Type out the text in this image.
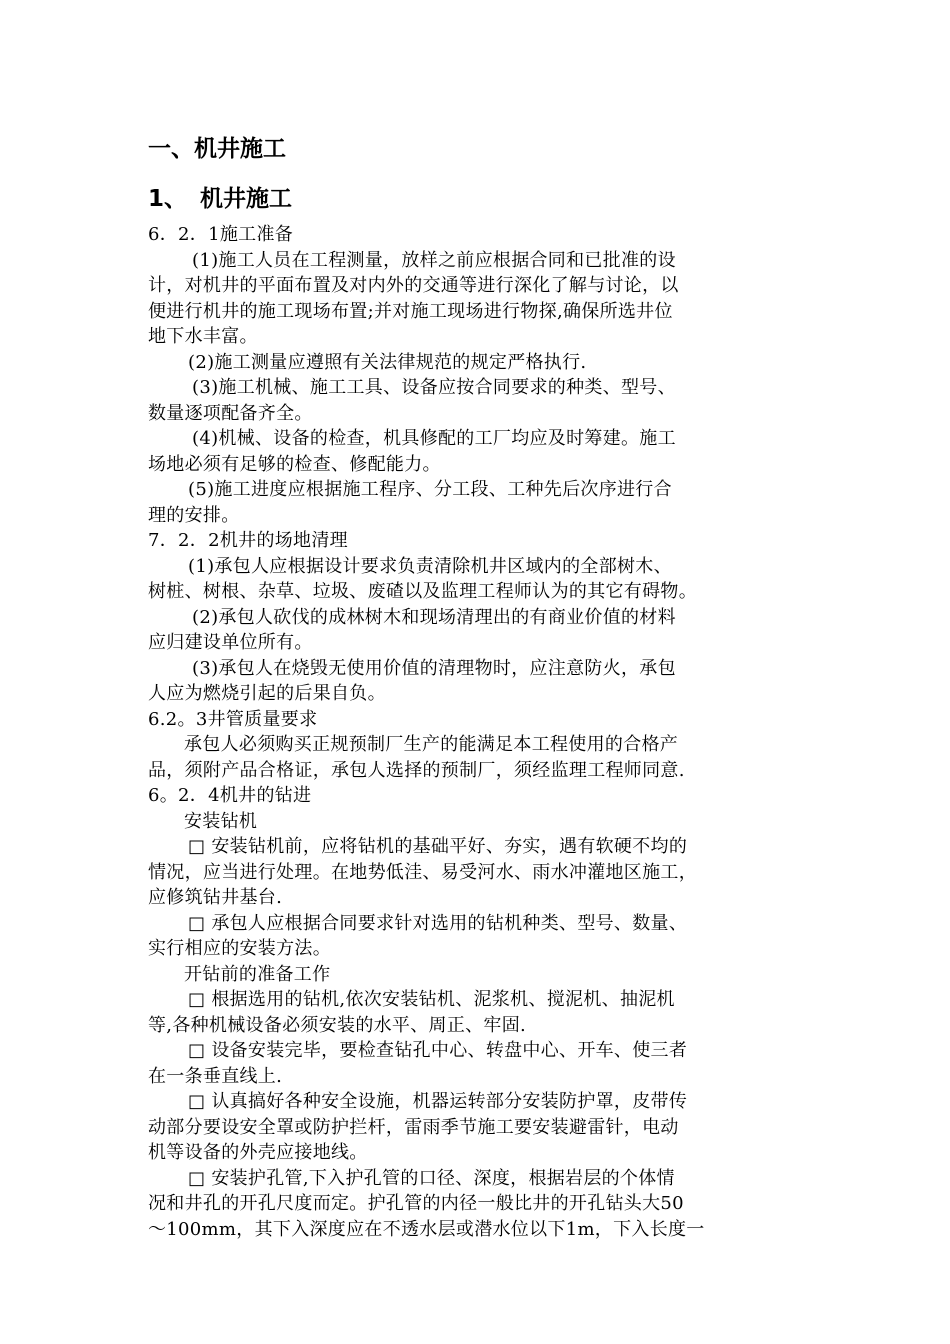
一、机井施工
1、 机井施工
6．2．1施工准备
(1)施工人员在工程测量，放样之前应根据合同和已批准的设
计，对机井的平面布置及对内外的交通等进行深化了解与讨论，以
便进行机井的施工现场布置;并对施工现场进行物探,确保所选井位
地下水丰富。
(2)施工测量应遵照有关法律规范的规定严格执行.
(3)施工机械、施工工具、设备应按合同要求的种类、型号、
数量逐项配备齐全。
(4)机械、设备的检查，机具修配的工厂均应及时筹建。施工
场地必须有足够的检查、修配能力。
(5)施工进度应根据施工程序、分工段、工种先后次序进行合
理的安排。
7．2．2机井的场地清理
(1)承包人应根据设计要求负责清除机井区域内的全部树木、
树桩、树根、杂草、垃圾、废碴以及监理工程师认为的其它有碍物。
(2)承包人砍伐的成林树木和现场清理出的有商业价值的材料
应归建设单位所有。
(3)承包人在烧毁无使用价值的清理物时，应注意防火，承包
人应为燃烧引起的后果自负。
6.2。3井管质量要求
承包人必须购买正规预制厂生产的能满足本工程使用的合格产
品，须附产品合格证，承包人选择的预制厂，须经监理工程师同意.
6。2．4机井的钻进
安装钻机
□ 安装钻机前，应将钻机的基础平好、夯实，遇有软硬不均的
情况，应当进行处理。在地势低洼、易受河水、雨水冲灌地区施工，
应修筑钻井基台.
□ 承包人应根据合同要求针对选用的钻机种类、型号、数量、
实行相应的安装方法。
开钻前的准备工作
□ 根据选用的钻机,依次安装钻机、泥浆机、搅泥机、抽泥机
等,各种机械设备必须安装的水平、周正、牢固.
□ 设备安装完毕，要检查钻孔中心、转盘中心、开车、使三者
在一条垂直线上.
□ 认真搞好各种安全设施，机器运转部分安装防护罩，皮带传
动部分要设安全罩或防护拦杆，雷雨季节施工要安装避雷针，电动
机等设备的外壳应接地线。
□ 安装护孔管,下入护孔管的口径、深度，根据岩层的个体情
况和井孔的开孔尺度而定。护孔管的内径一般比井的开孔钻头大50
～100mm，其下入深度应在不透水层或潜水位以下1m，下入长度一
